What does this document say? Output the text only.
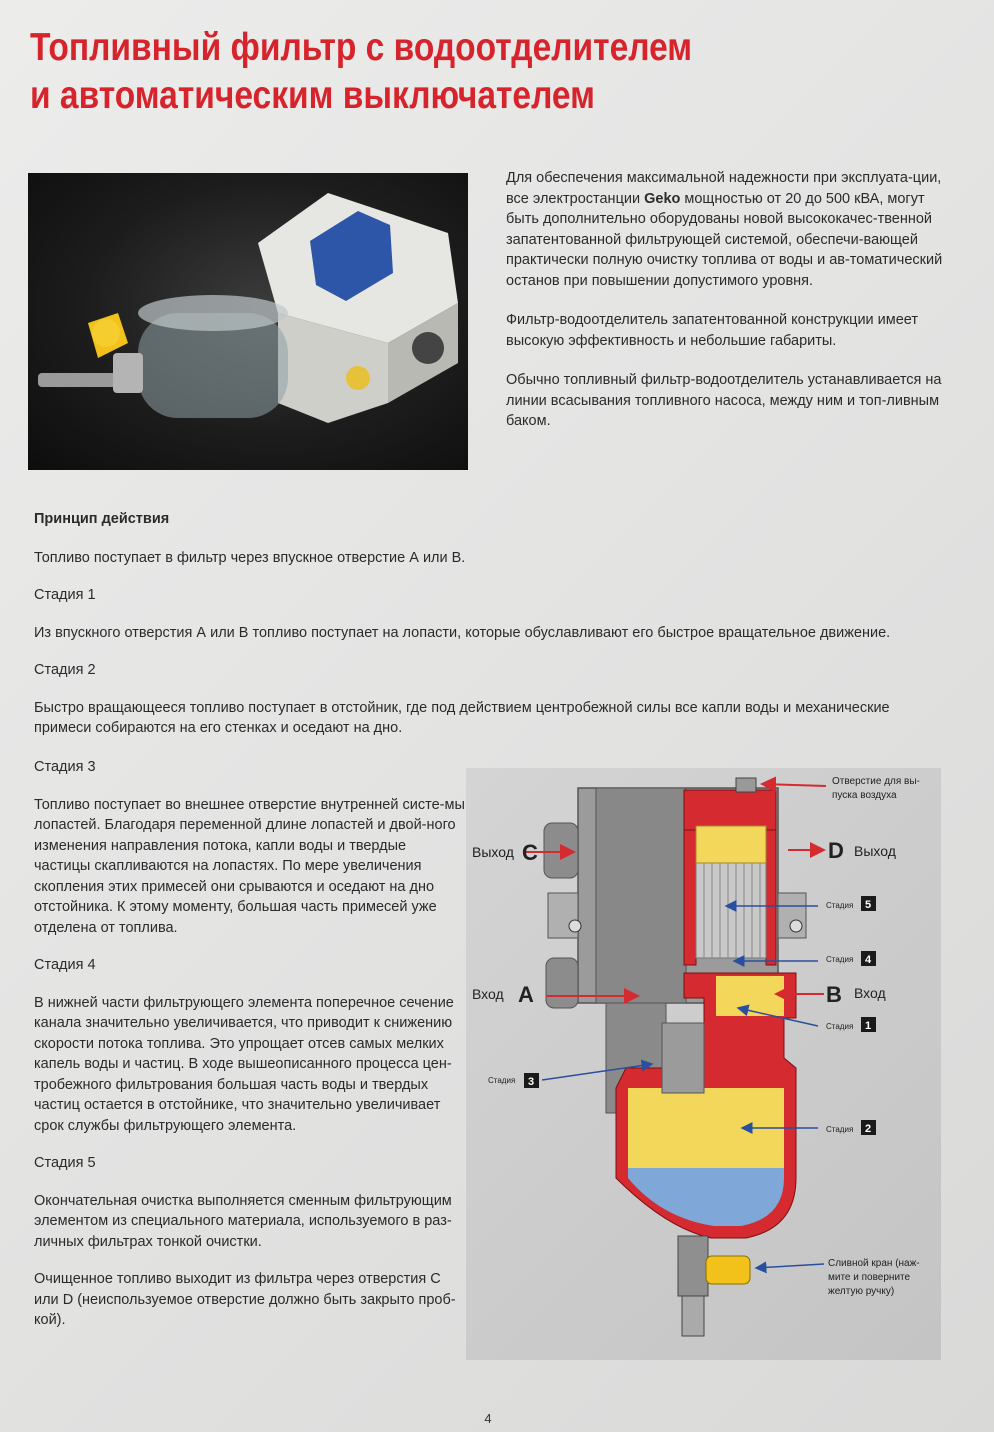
Топливный фильтр с водоотделителем
и автоматическим выключателем

Для обеспечения максимальной надежности при эксплуата-ции, все электростанции Geko мощностью от 20 до 500 кВА, могут быть дополнительно оборудованы новой высококачес-твенной запатентованной фильтрующей системой, обеспечи-вающей практически полную очистку топлива от воды и ав-томатический останов при повышении допустимого уровня.

Фильтр-водоотделитель запатентованной конструкции имеет высокую эффективность и небольшие габариты.

Обычно топливный фильтр-водоотделитель устанавливается на линии всасывания топливного насоса, между ним и топ-ливным баком.

Принцип действия

Топливо поступает в фильтр через впускное отверстие А или В.

Стадия 1

Из впускного отверстия А или В топливо поступает на лопасти, которые обуславливают его быстрое вращательное движение.

Стадия 2

Быстро вращающееся топливо поступает в отстойник, где под действием центробежной силы все капли воды и механические примеси собираются на его стенках и оседают на дно.

Стадия 3

Топливо поступает во внешнее отверстие внутренней систе-мы лопастей. Благодаря переменной длине лопастей и двой-ного изменения направления потока, капли воды и твердые частицы скапливаются на лопастях. По мере увеличения скопления этих примесей они срываются и оседают на дно отстойника. К этому моменту, большая часть примесей уже отделена от топлива.

Стадия 4

В нижней части фильтрующего элемента поперечное сечение канала значительно увеличивается, что приводит к снижению скорости потока топлива. Это упрощает отсев самых мелких капель воды и частиц. В ходе вышеописанного процесса цен-тробежного фильтрования большая часть воды и твердых частиц остается в отстойнике, что значительно увеличивает срок службы фильтрующего элемента.

Стадия 5

Окончательная очистка выполняется сменным фильтрующим элементом из специального материала, используемого в раз-личных фильтрах тонкой очистки.

Очищенное топливо выходит из фильтра через отверстия С или D (неиспользуемое отверстие должно быть закрыто проб-кой).

Отверстие для вы-
пуска воздуха
Выход C	D Выход
Вход A	B Вход
Стадия 5
Стадия 4
Стадия 1
Стадия 3
Стадия 2
Сливной кран (наж-
мите и поверните
желтую ручку)
4
